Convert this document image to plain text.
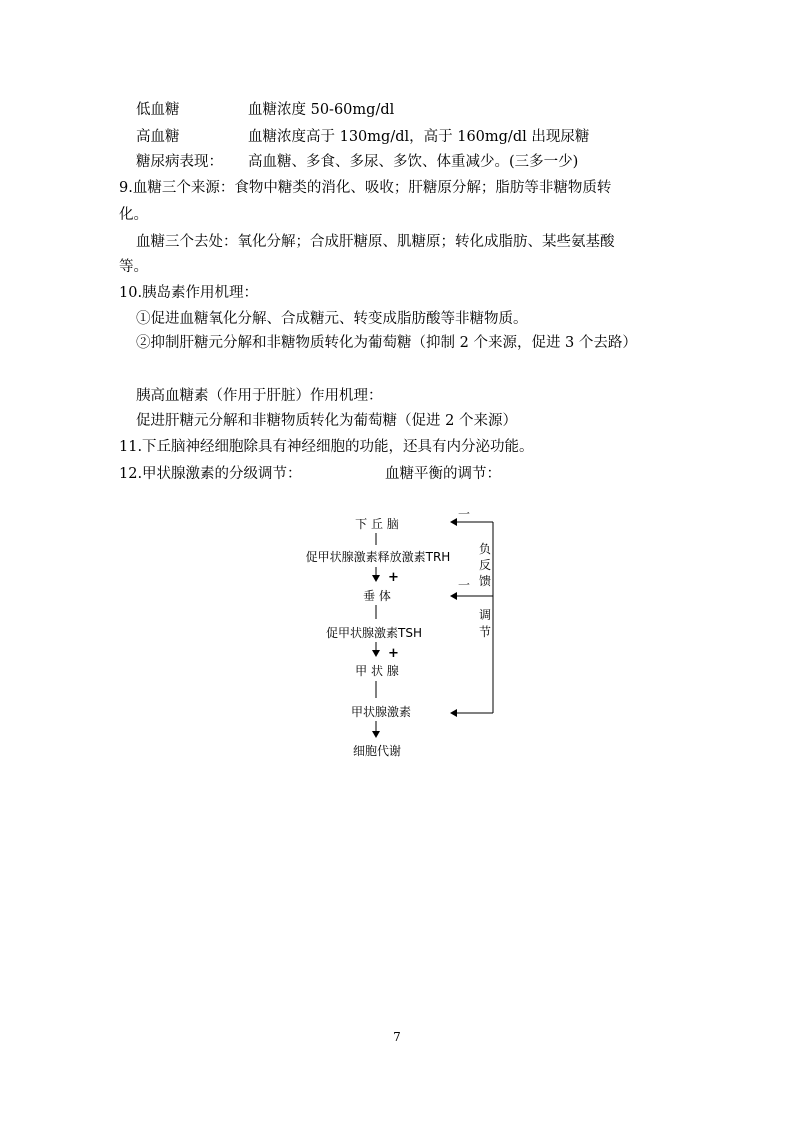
低血糖	血糖浓度 50-60mg/dl
高血糖	血糖浓度高于 130mg/dl，高于 160mg/dl 出现尿糖
糖尿病表现： 高血糖、多食、多尿、多饮、体重减少。(三多一少)
9.血糖三个来源：食物中糖类的消化、吸收；肝糖原分解；脂肪等非糖物质转
化。
血糖三个去处：氧化分解；合成肝糖原、肌糖原；转化成脂肪、某些氨基酸
等。
10.胰岛素作用机理：
①促进血糖氧化分解、合成糖元、转变成脂肪酸等非糖物质。
②抑制肝糖元分解和非糖物质转化为葡萄糖（抑制 2 个来源，促进 3 个去路）
胰高血糖素（作用于肝脏）作用机理：
促进肝糖元分解和非糖物质转化为葡萄糖（促进 2 个来源）
11.下丘脑神经细胞除具有神经细胞的功能，还具有内分泌功能。
12.甲状腺激素的分级调节：	血糖平衡的调节：
下 丘 脑
促甲状腺激素释放激素TRH
垂 体
促甲状腺激素TSH
甲 状 腺
甲状腺激素
细胞代谢
+
+
一
一
负
反
馈
调
节
7
